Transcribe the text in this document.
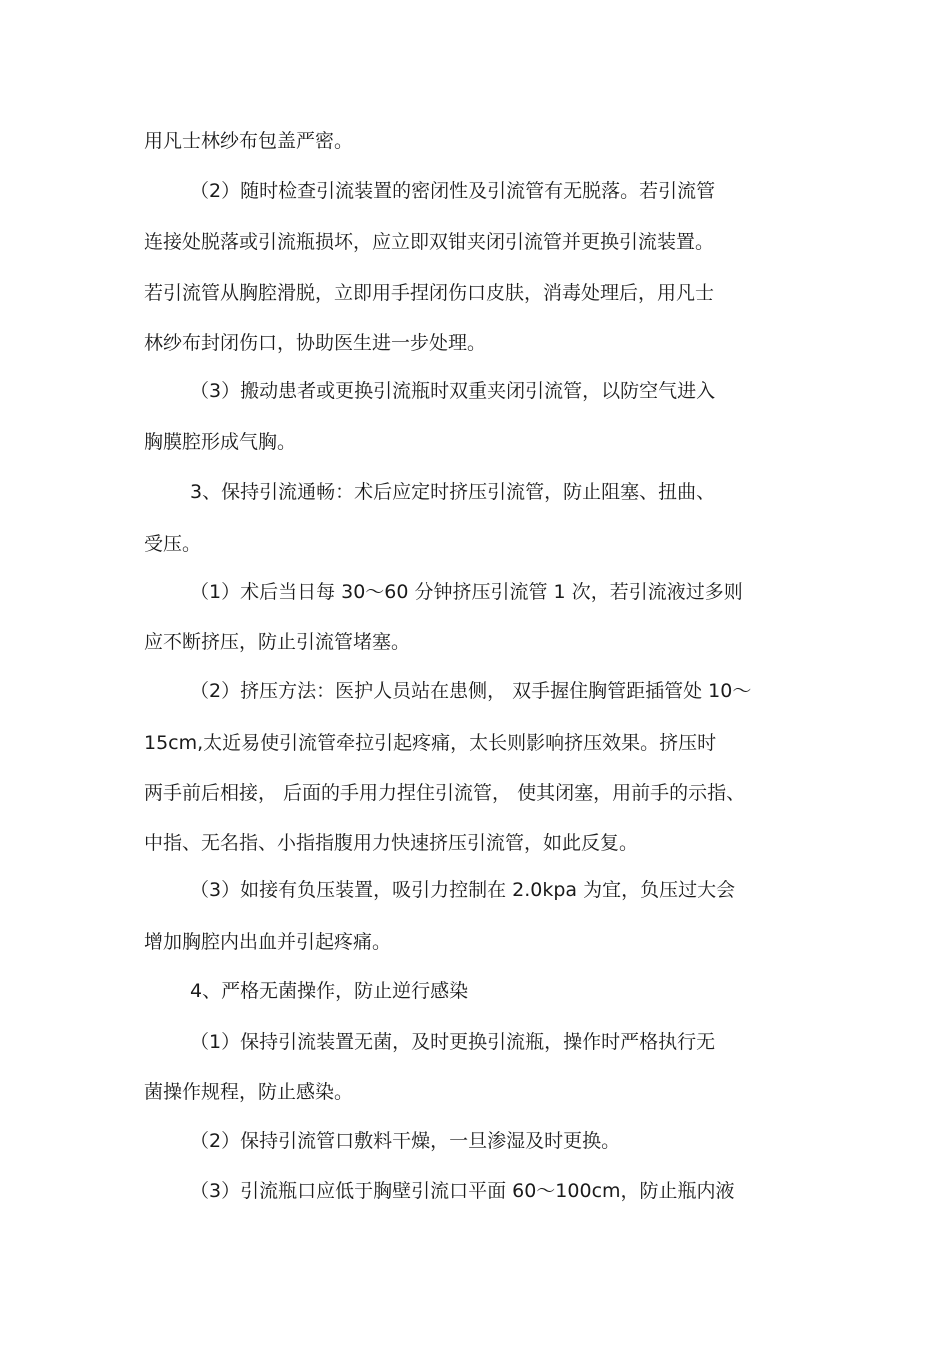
用凡士林纱布包盖严密。
（2）随时检查引流装置的密闭性及引流管有无脱落。若引流管
连接处脱落或引流瓶损坏，应立即双钳夹闭引流管并更换引流装置。
若引流管从胸腔滑脱，立即用手捏闭伤口皮肤，消毒处理后，用凡士
林纱布封闭伤口，协助医生进一步处理。
（3）搬动患者或更换引流瓶时双重夹闭引流管，以防空气进入
胸膜腔形成气胸。
3、保持引流通畅：术后应定时挤压引流管，防止阻塞、扭曲、
受压。
（1）术后当日每 30～60 分钟挤压引流管 1 次，若引流液过多则
应不断挤压，防止引流管堵塞。
（2）挤压方法：医护人员站在患侧， 双手握住胸管距插管处 10～
15cm,太近易使引流管牵拉引起疼痛，太长则影响挤压效果。挤压时
两手前后相接， 后面的手用力捏住引流管， 使其闭塞，用前手的示指、
中指、无名指、小指指腹用力快速挤压引流管，如此反复。
（3）如接有负压装置，吸引力控制在 2.0kpa 为宜，负压过大会
增加胸腔内出血并引起疼痛。
4、严格无菌操作，防止逆行感染
（1）保持引流装置无菌，及时更换引流瓶，操作时严格执行无
菌操作规程，防止感染。
（2）保持引流管口敷料干燥，一旦渗湿及时更换。
（3）引流瓶口应低于胸壁引流口平面 60～100cm，防止瓶内液
